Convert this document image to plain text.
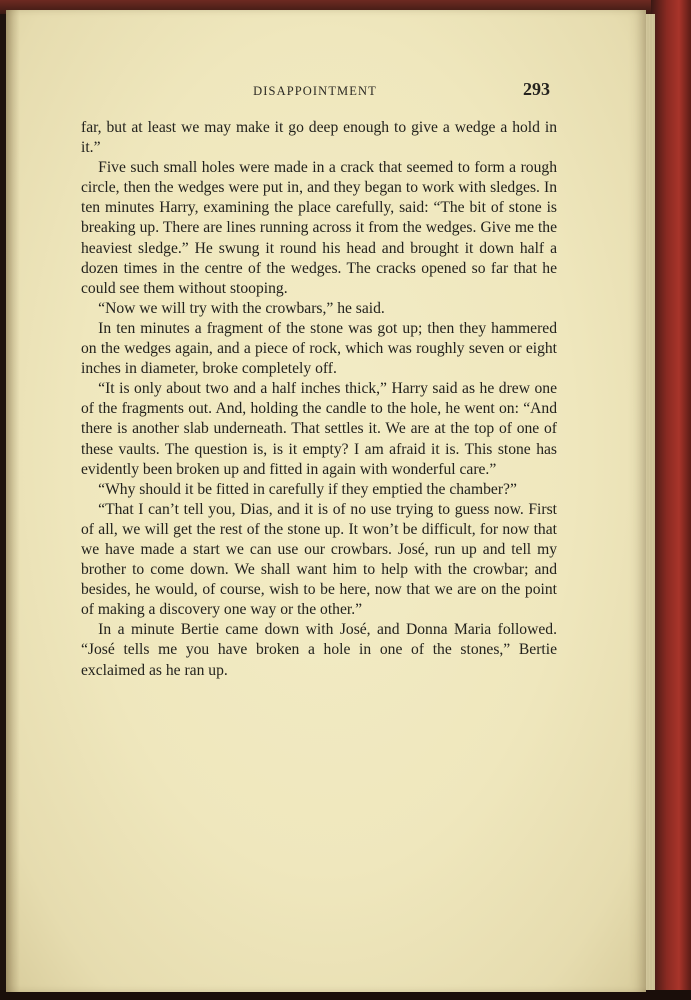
DISAPPOINTMENT	293

far, but at least we may make it go deep enough to give a wedge a hold in it.”

Five such small holes were made in a crack that seemed to form a rough circle, then the wedges were put in, and they began to work with sledges. In ten minutes Harry, examining the place carefully, said: “The bit of stone is breaking up. There are lines running across it from the wedges. Give me the heaviest sledge.” He swung it round his head and brought it down half a dozen times in the centre of the wedges. The cracks opened so far that he could see them without stooping.

“Now we will try with the crowbars,” he said.

In ten minutes a fragment of the stone was got up; then they hammered on the wedges again, and a piece of rock, which was roughly seven or eight inches in diameter, broke completely off.

“It is only about two and a half inches thick,” Harry said as he drew one of the fragments out. And, holding the candle to the hole, he went on: “And there is another slab underneath. That settles it. We are at the top of one of these vaults. The question is, is it empty? I am afraid it is. This stone has evidently been broken up and fitted in again with wonderful care.”

“Why should it be fitted in carefully if they emptied the chamber?”

“That I can’t tell you, Dias, and it is of no use trying to guess now. First of all, we will get the rest of the stone up. It won’t be difficult, for now that we have made a start we can use our crowbars. José, run up and tell my brother to come down. We shall want him to help with the crowbar; and besides, he would, of course, wish to be here, now that we are on the point of making a discovery one way or the other.”

In a minute Bertie came down with José, and Donna Maria followed. “José tells me you have broken a hole in one of the stones,” Bertie exclaimed as he ran up.
